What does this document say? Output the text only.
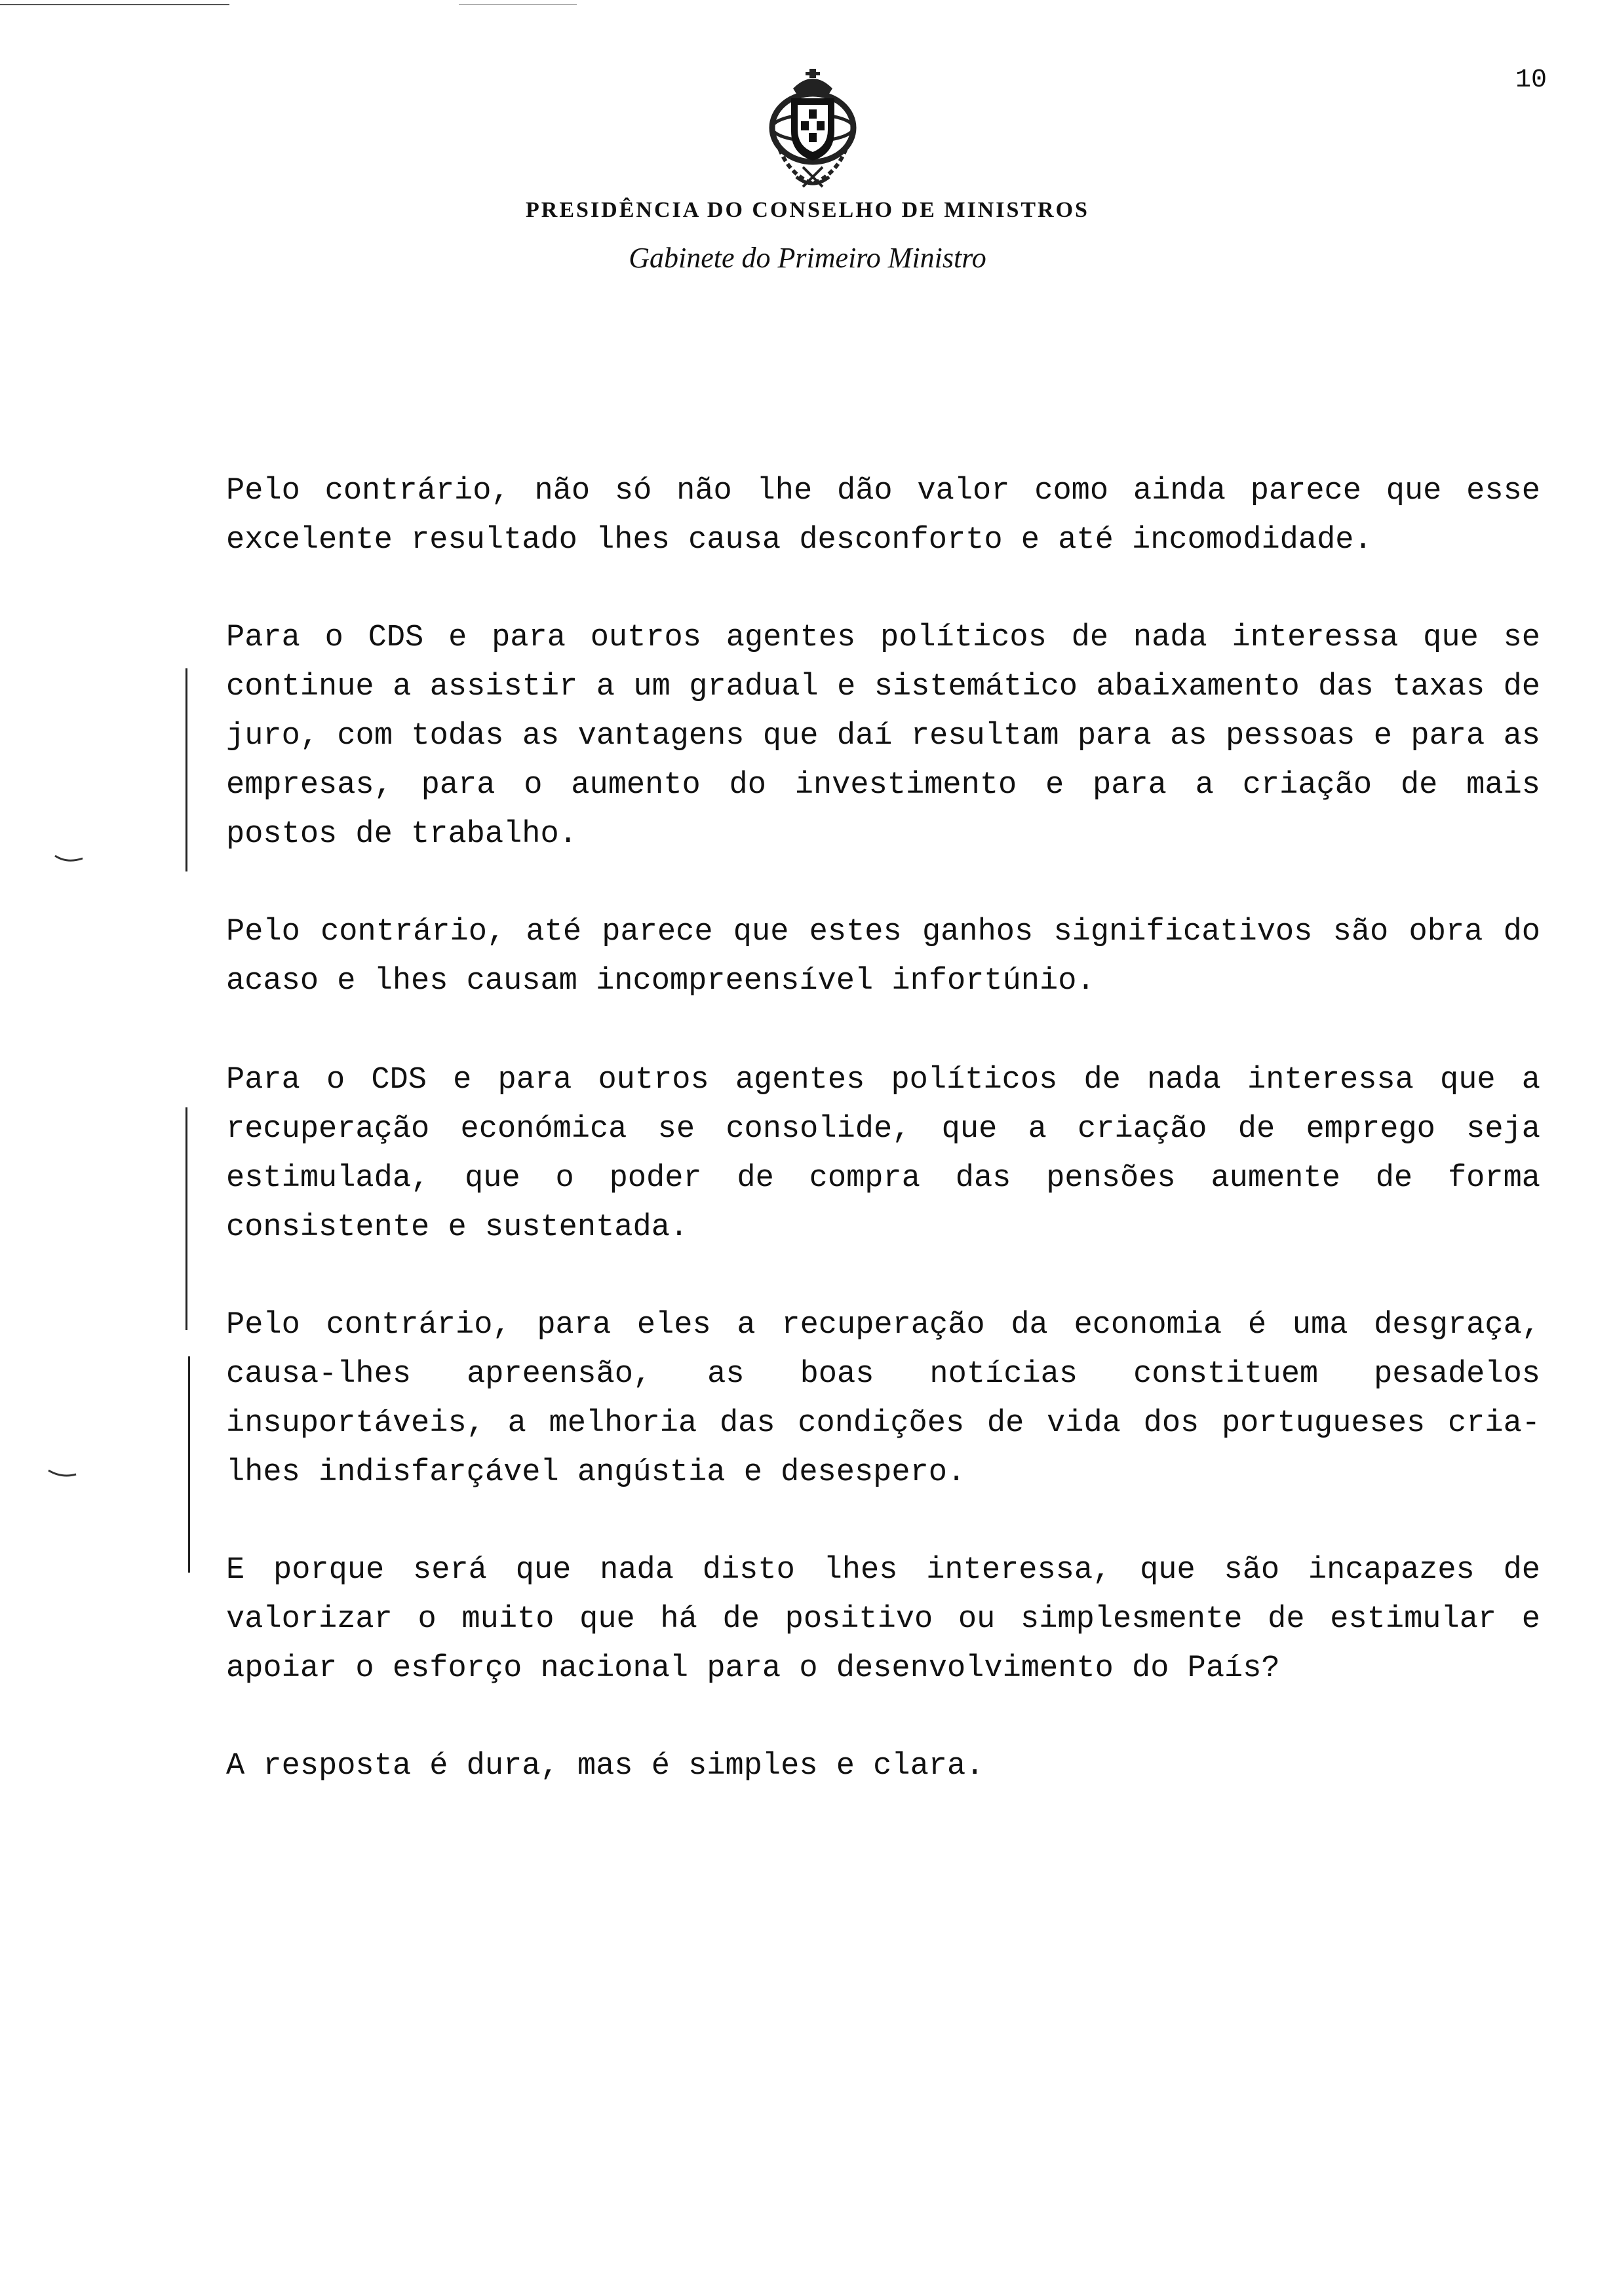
10
PRESIDÊNCIA DO CONSELHO DE MINISTROS
Gabinete do Primeiro Ministro

Pelo contrário, não só não lhe dão valor como ainda parece que esse excelente resultado lhes causa desconforto e até incomodidade.

Para o CDS e para outros agentes políticos de nada interessa que se continue a assistir a um gradual e sistemático abaixamento das taxas de juro, com todas as vantagens que daí resultam para as pessoas e para as empresas, para o aumento do investimento e para a criação de mais postos de trabalho.

Pelo contrário, até parece que estes ganhos significativos são obra do acaso e lhes causam incompreensível infortúnio.

Para o CDS e para outros agentes políticos de nada interessa que a recuperação económica se consolide, que a criação de emprego seja estimulada, que o poder de compra das pensões aumente de forma consistente e sustentada.

Pelo contrário, para eles a recuperação da economia é uma desgraça, causa-lhes apreensão, as boas notícias constituem pesadelos insuportáveis, a melhoria das condições de vida dos portugueses cria-lhes indisfarçável angústia e desespero.

E porque será que nada disto lhes interessa, que são incapazes de valorizar o muito que há de positivo ou simplesmente de estimular e apoiar o esforço nacional para o desenvolvimento do País?

A resposta é dura, mas é simples e clara.
